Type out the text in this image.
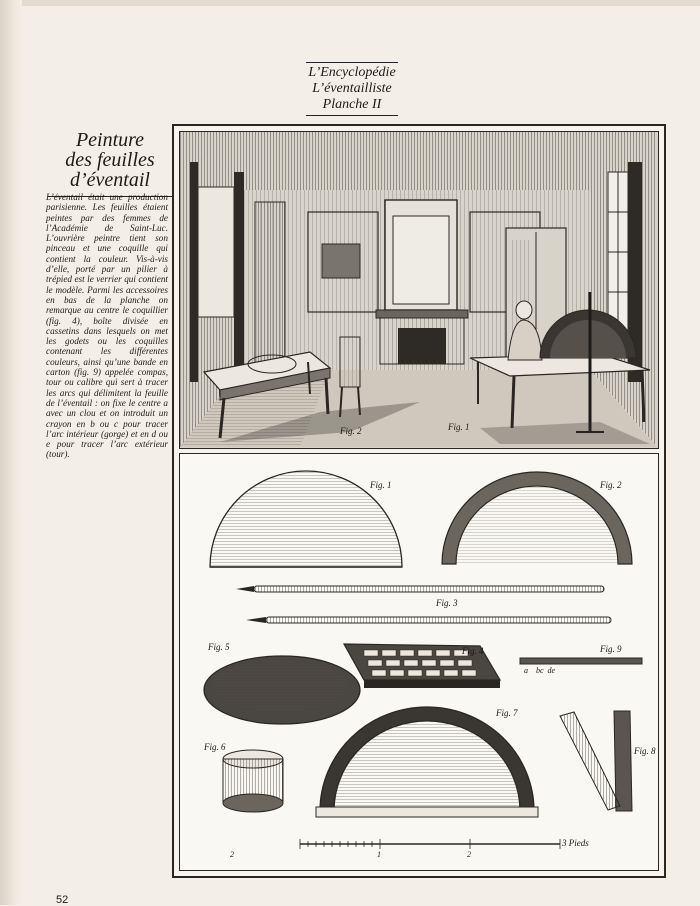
L’Encyclopédie
L’éventailliste
Planche II
Peinture
des feuilles
d’éventail

L’éventail était une production parisienne. Les feuilles étaient peintes par des femmes de l’Académie de Saint-Luc. L’ouvrière peintre tient son pinceau et une coquille qui contient la couleur. Vis-à-vis d’elle, porté par un pilier à trépied est le verrier qui contient le modèle. Parmi les accessoires en bas de la planche on remarque au centre le coquillier (fig. 4), boîte divisée en cassetins dans lesquels on met les godets ou les coquilles contenant les différentes couleurs, ainsi qu’une bande en carton (fig. 9) appelée compas, tour ou calibre qui sert à tracer les arcs qui délimitent la feuille de l’éventail : on fixe le centre a avec un clou et on introduit un crayon en b ou c pour tracer l’arc intérieur (gorge) et en d ou e pour tracer l’arc extérieur (tour).

Fig. 2	Fig. 1
Fig. 1	Fig. 2
Fig. 3
Fig. 4
Fig. 5
Fig. 6
Fig. 7
Fig. 8
Fig. 9
a    bc  de
3 Pieds
1	2
2
52
